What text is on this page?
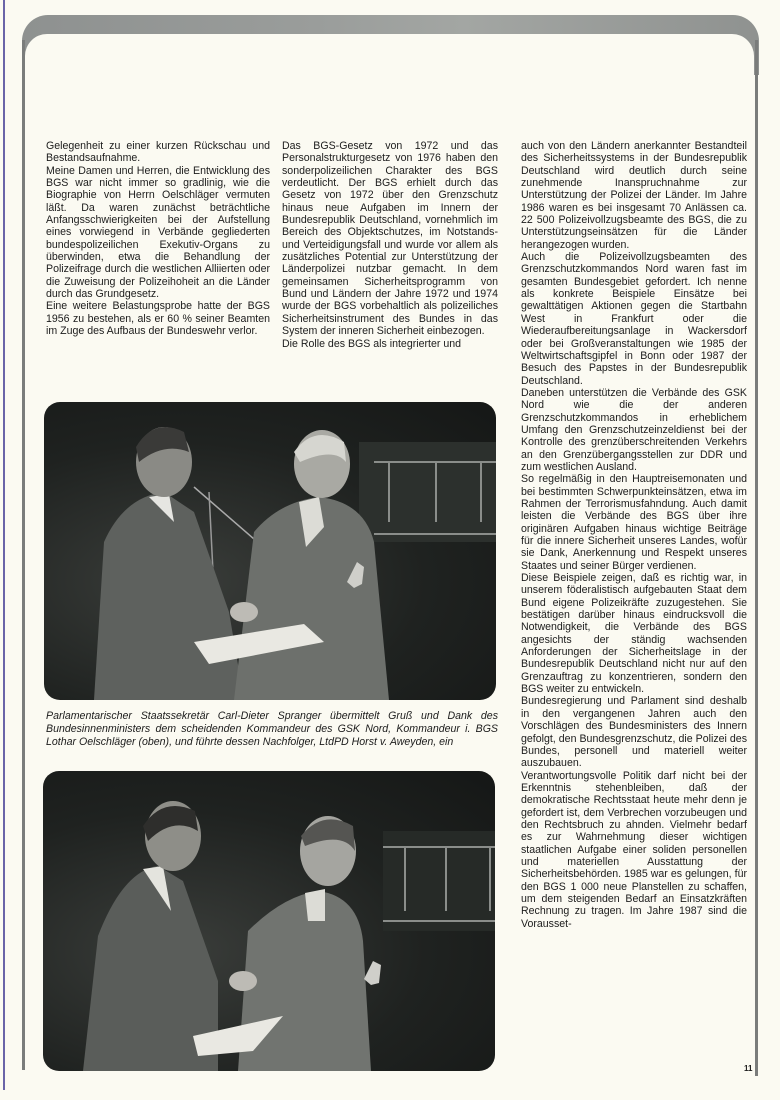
Gelegenheit zu einer kurzen Rückschau und Bestandsaufnahme.

Meine Damen und Herren, die Entwicklung des BGS war nicht immer so gradlinig, wie die Biographie von Herrn Oelschläger vermuten läßt. Da waren zunächst beträchtliche Anfangsschwierigkeiten bei der Aufstellung eines vorwiegend in Verbände gegliederten bundespolizeilichen Exekutiv-Organs zu überwinden, etwa die Behandlung der Polizeifrage durch die westlichen Alliierten oder die Zuweisung der Polizeihoheit an die Länder durch das Grundgesetz.

Eine weitere Belastungsprobe hatte der BGS 1956 zu bestehen, als er 60 % seiner Beamten im Zuge des Aufbaus der Bundeswehr verlor.

Das BGS-Gesetz von 1972 und das Personalstrukturgesetz von 1976 haben den sonderpolizeilichen Charakter des BGS verdeutlicht. Der BGS erhielt durch das Gesetz von 1972 über den Grenzschutz hinaus neue Aufgaben im Innern der Bundesrepublik Deutschland, vornehmlich im Bereich des Objektschutzes, im Notstands- und Verteidigungsfall und wurde vor allem als zusätzliches Potential zur Unterstützung der Länderpolizei nutzbar gemacht. In dem gemeinsamen Sicherheitsprogramm von Bund und Ländern der Jahre 1972 und 1974 wurde der BGS vorbehaltlich als polizeiliches Sicherheitsinstrument des Bundes in das System der inneren Sicherheit einbezogen.

Die Rolle des BGS als integrierter und

auch von den Ländern anerkannter Bestandteil des Sicherheitssystems in der Bundesrepublik Deutschland wird deutlich durch seine zunehmende Inanspruchnahme zur Unterstützung der Polizei der Länder. Im Jahre 1986 waren es bei insgesamt 70 Anlässen ca. 22 500 Polizeivollzugsbeamte des BGS, die zu Unterstützungseinsätzen für die Länder herangezogen wurden.

Auch die Polizeivollzugsbeamten des Grenzschutzkommandos Nord waren fast im gesamten Bundesgebiet gefordert. Ich nenne als konkrete Beispiele Einsätze bei gewalttätigen Aktionen gegen die Startbahn West in Frankfurt oder die Wiederaufbereitungsanlage in Wackersdorf oder bei Großveranstaltungen wie 1985 der Weltwirtschaftsgipfel in Bonn oder 1987 der Besuch des Papstes in der Bundesrepublik Deutschland.

Daneben unterstützen die Verbände des GSK Nord wie die der anderen Grenzschutzkommandos in erheblichem Umfang den Grenzschutzeinzeldienst bei der Kontrolle des grenzüberschreitenden Verkehrs an den Grenzübergangsstellen zur DDR und zum westlichen Ausland.

So regelmäßig in den Hauptreisemonaten und bei bestimmten Schwerpunkteinsätzen, etwa im Rahmen der Terrorismusfahndung. Auch damit leisten die Verbände des BGS über ihre originären Aufgaben hinaus wichtige Beiträge für die innere Sicherheit unseres Landes, wofür sie Dank, Anerkennung und Respekt unseres Staates und seiner Bürger verdienen.

Diese Beispiele zeigen, daß es richtig war, in unserem föderalistisch aufgebauten Staat dem Bund eigene Polizeikräfte zuzugestehen. Sie bestätigen darüber hinaus eindrucksvoll die Notwendigkeit, die Verbände des BGS angesichts der ständig wachsenden Anforderungen der Sicherheitslage in der Bundesrepublik Deutschland nicht nur auf den Grenzauftrag zu konzentrieren, sondern den BGS weiter zu entwickeln.

Bundesregierung und Parlament sind deshalb in den vergangenen Jahren auch den Vorschlägen des Bundesministers des Innern gefolgt, den Bundesgrenzschutz, die Polizei des Bundes, personell und materiell weiter auszubauen.

Verantwortungsvolle Politik darf nicht bei der Erkenntnis stehenbleiben, daß der demokratische Rechtsstaat heute mehr denn je gefordert ist, dem Verbrechen vorzubeugen und den Rechtsbruch zu ahnden. Vielmehr bedarf es zur Wahrnehmung dieser wichtigen staatlichen Aufgabe einer soliden personellen und materiellen Ausstattung der Sicherheitsbehörden. 1985 war es gelungen, für den BGS 1 000 neue Planstellen zu schaffen, um dem steigenden Bedarf an Einsatzkräften Rechnung zu tragen. Im Jahre 1987 sind die Vorausset-

Parlamentarischer Staatssekretär Carl-Dieter Spranger übermittelt Gruß und Dank des Bundesinnenministers dem scheidenden Kommandeur des GSK Nord, Kommandeur i. BGS Lothar Oelschläger (oben), und führte dessen Nachfolger, LtdPD Horst v. Aweyden, ein
11
